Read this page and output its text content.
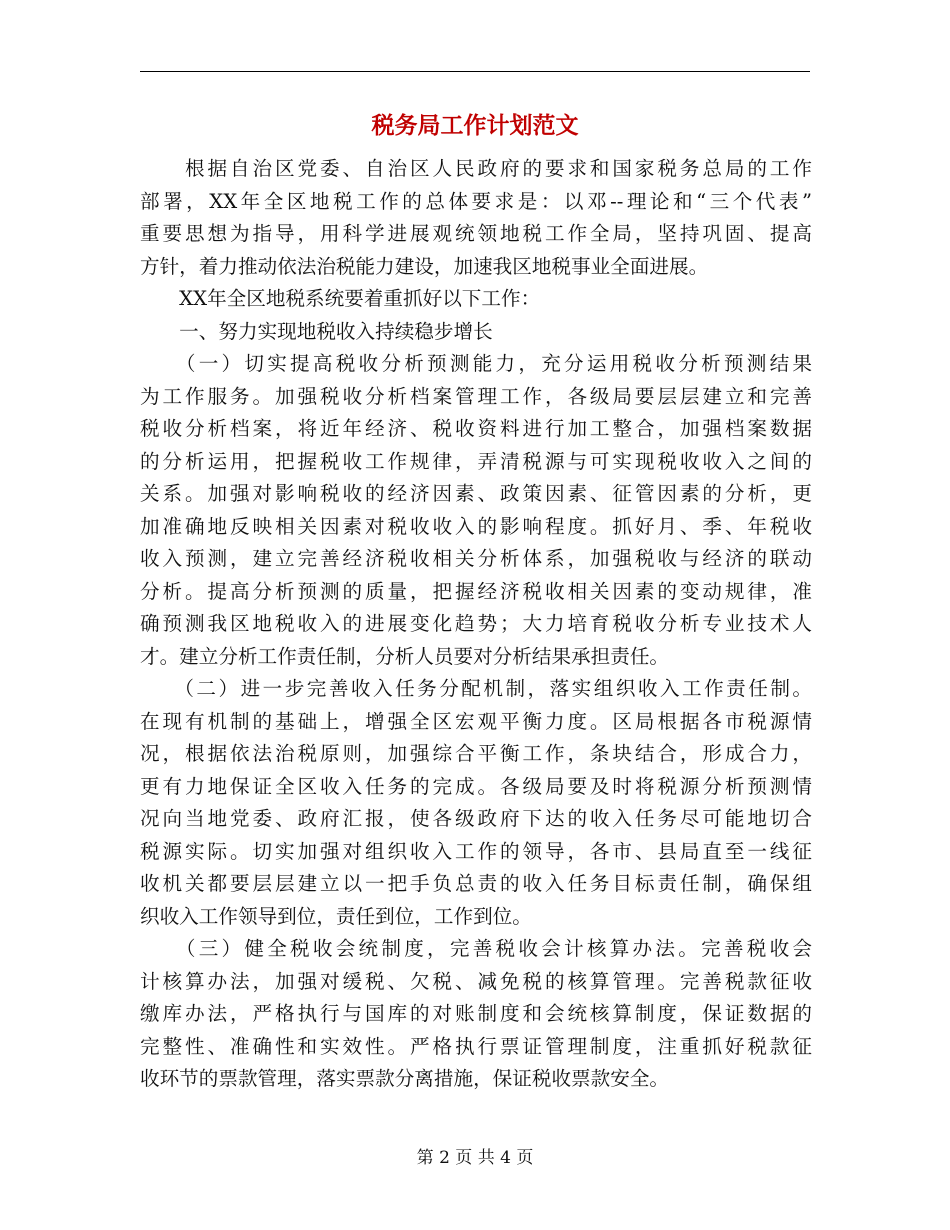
税务局工作计划范文
　　根据自治区党委、自治区人民政府的要求和国家税务总局的工作
部署，XX年全区地税工作的总体要求是：以邓--理论和“三个代表”
重要思想为指导，用科学进展观统领地税工作全局，坚持巩固、提高
方针，着力推动依法治税能力建设，加速我区地税事业全面进展。
　　XX年全区地税系统要着重抓好以下工作：
　　一、努力实现地税收入持续稳步增长
　　（一）切实提高税收分析预测能力，充分运用税收分析预测结果
为工作服务。加强税收分析档案管理工作，各级局要层层建立和完善
税收分析档案，将近年经济、税收资料进行加工整合，加强档案数据
的分析运用，把握税收工作规律，弄清税源与可实现税收收入之间的
关系。加强对影响税收的经济因素、政策因素、征管因素的分析，更
加准确地反映相关因素对税收收入的影响程度。抓好月、季、年税收
收入预测，建立完善经济税收相关分析体系，加强税收与经济的联动
分析。提高分析预测的质量，把握经济税收相关因素的变动规律，准
确预测我区地税收入的进展变化趋势；大力培育税收分析专业技术人
才。建立分析工作责任制，分析人员要对分析结果承担责任。
　　（二）进一步完善收入任务分配机制，落实组织收入工作责任制。
在现有机制的基础上，增强全区宏观平衡力度。区局根据各市税源情
况，根据依法治税原则，加强综合平衡工作，条块结合，形成合力，
更有力地保证全区收入任务的完成。各级局要及时将税源分析预测情
况向当地党委、政府汇报，使各级政府下达的收入任务尽可能地切合
税源实际。切实加强对组织收入工作的领导，各市、县局直至一线征
收机关都要层层建立以一把手负总责的收入任务目标责任制，确保组
织收入工作领导到位，责任到位，工作到位。
　　（三）健全税收会统制度，完善税收会计核算办法。完善税收会
计核算办法，加强对缓税、欠税、减免税的核算管理。完善税款征收
缴库办法，严格执行与国库的对账制度和会统核算制度，保证数据的
完整性、准确性和实效性。严格执行票证管理制度，注重抓好税款征
收环节的票款管理，落实票款分离措施，保证税收票款安全。
第 2 页 共 4 页
